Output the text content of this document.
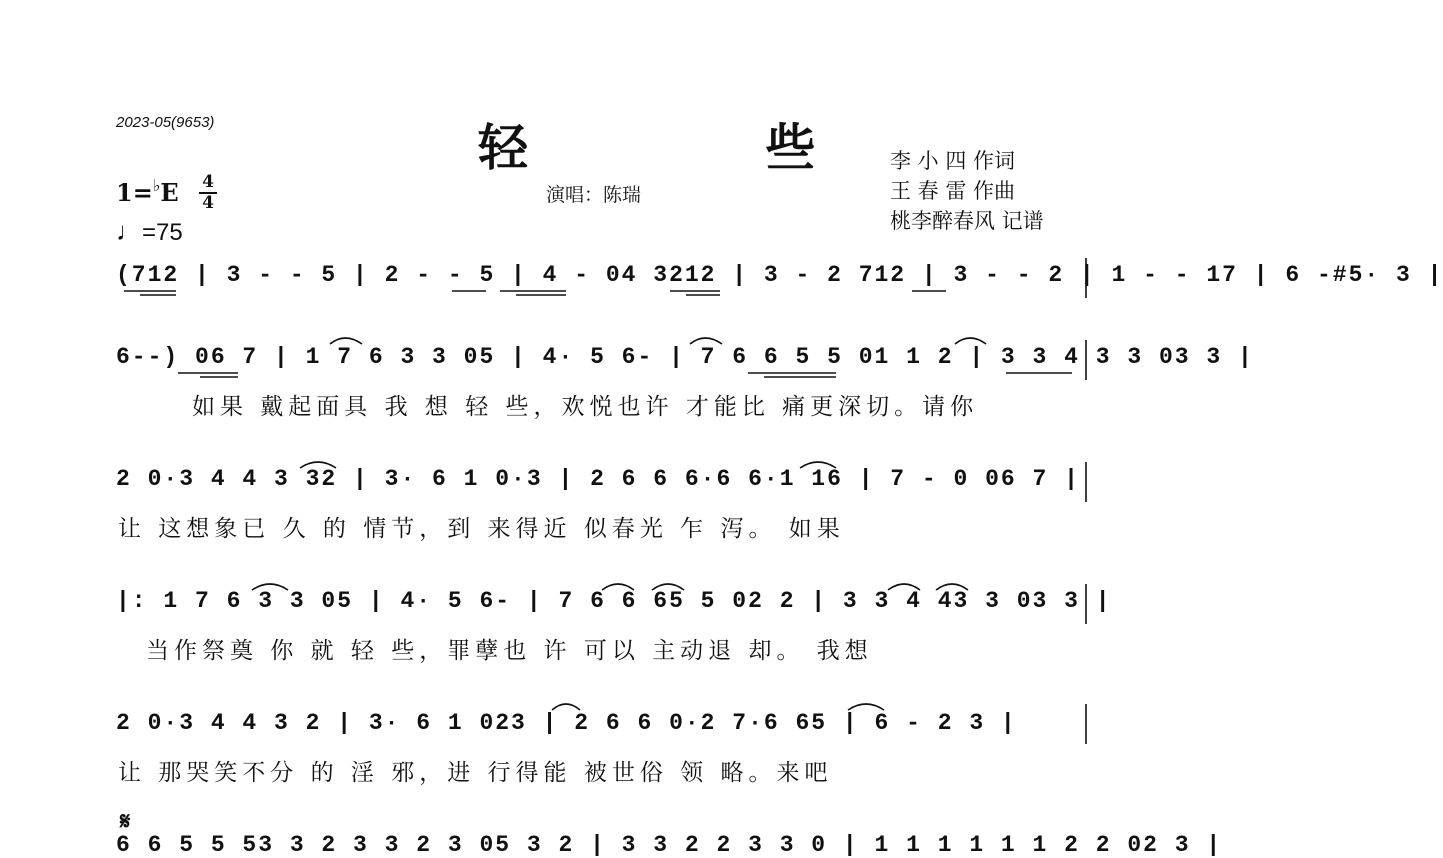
2023-05(9653)	轻 些
演唱：陈瑞
李 小 四 作词
王 春 雷 作曲
桃李醉春风 记谱
1=♭E 4
4
♩=75
(712 | 3 - - 5 | 2 - - 5 | 4 - 04 3212 | 3 - 2 712 | 3 - - 2 | 1 - - 17 | 6 -#5· 3 |
6--) 06 7 | 1 7 6 3 3 05 | 4· 5 6- | 7 6 6 5 5 01 1 2 | 3 3 4 3 3 03 3 |
如果 戴起面具 我 想 轻 些，欢悦也许 才能比 痛更深切。请你
2 0·3 4 4 3 32 | 3· 6 1 0·3 | 2 6 6 6·6 6·1 16 | 7 - 0 06 7 |
让 这想象已 久 的 情节，到 来得近 似春光 乍 泻。 如果
|: 1 7 6 3 3 05 | 4· 5 6- | 7 6 6 65 5 02 2 | 3 3 4 43 3 03 3 |
当作祭奠 你 就 轻 些，罪孽也 许 可以 主动退 却。 我想
2 0·3 4 4 3 2 | 3· 6 1 023 | 2 6 6 0·2 7·6 65 | 6 - 2 3 |
让 那哭笑不分 的 淫 邪，进 行得能 被世俗 领 略。来吧
𝄋
6 6 5 5 53 3 2 3 3 2 3 05 3 2 | 3 3 2 2 3 3 0 | 1 1 1 1 1 1 2 2 02 3 |
